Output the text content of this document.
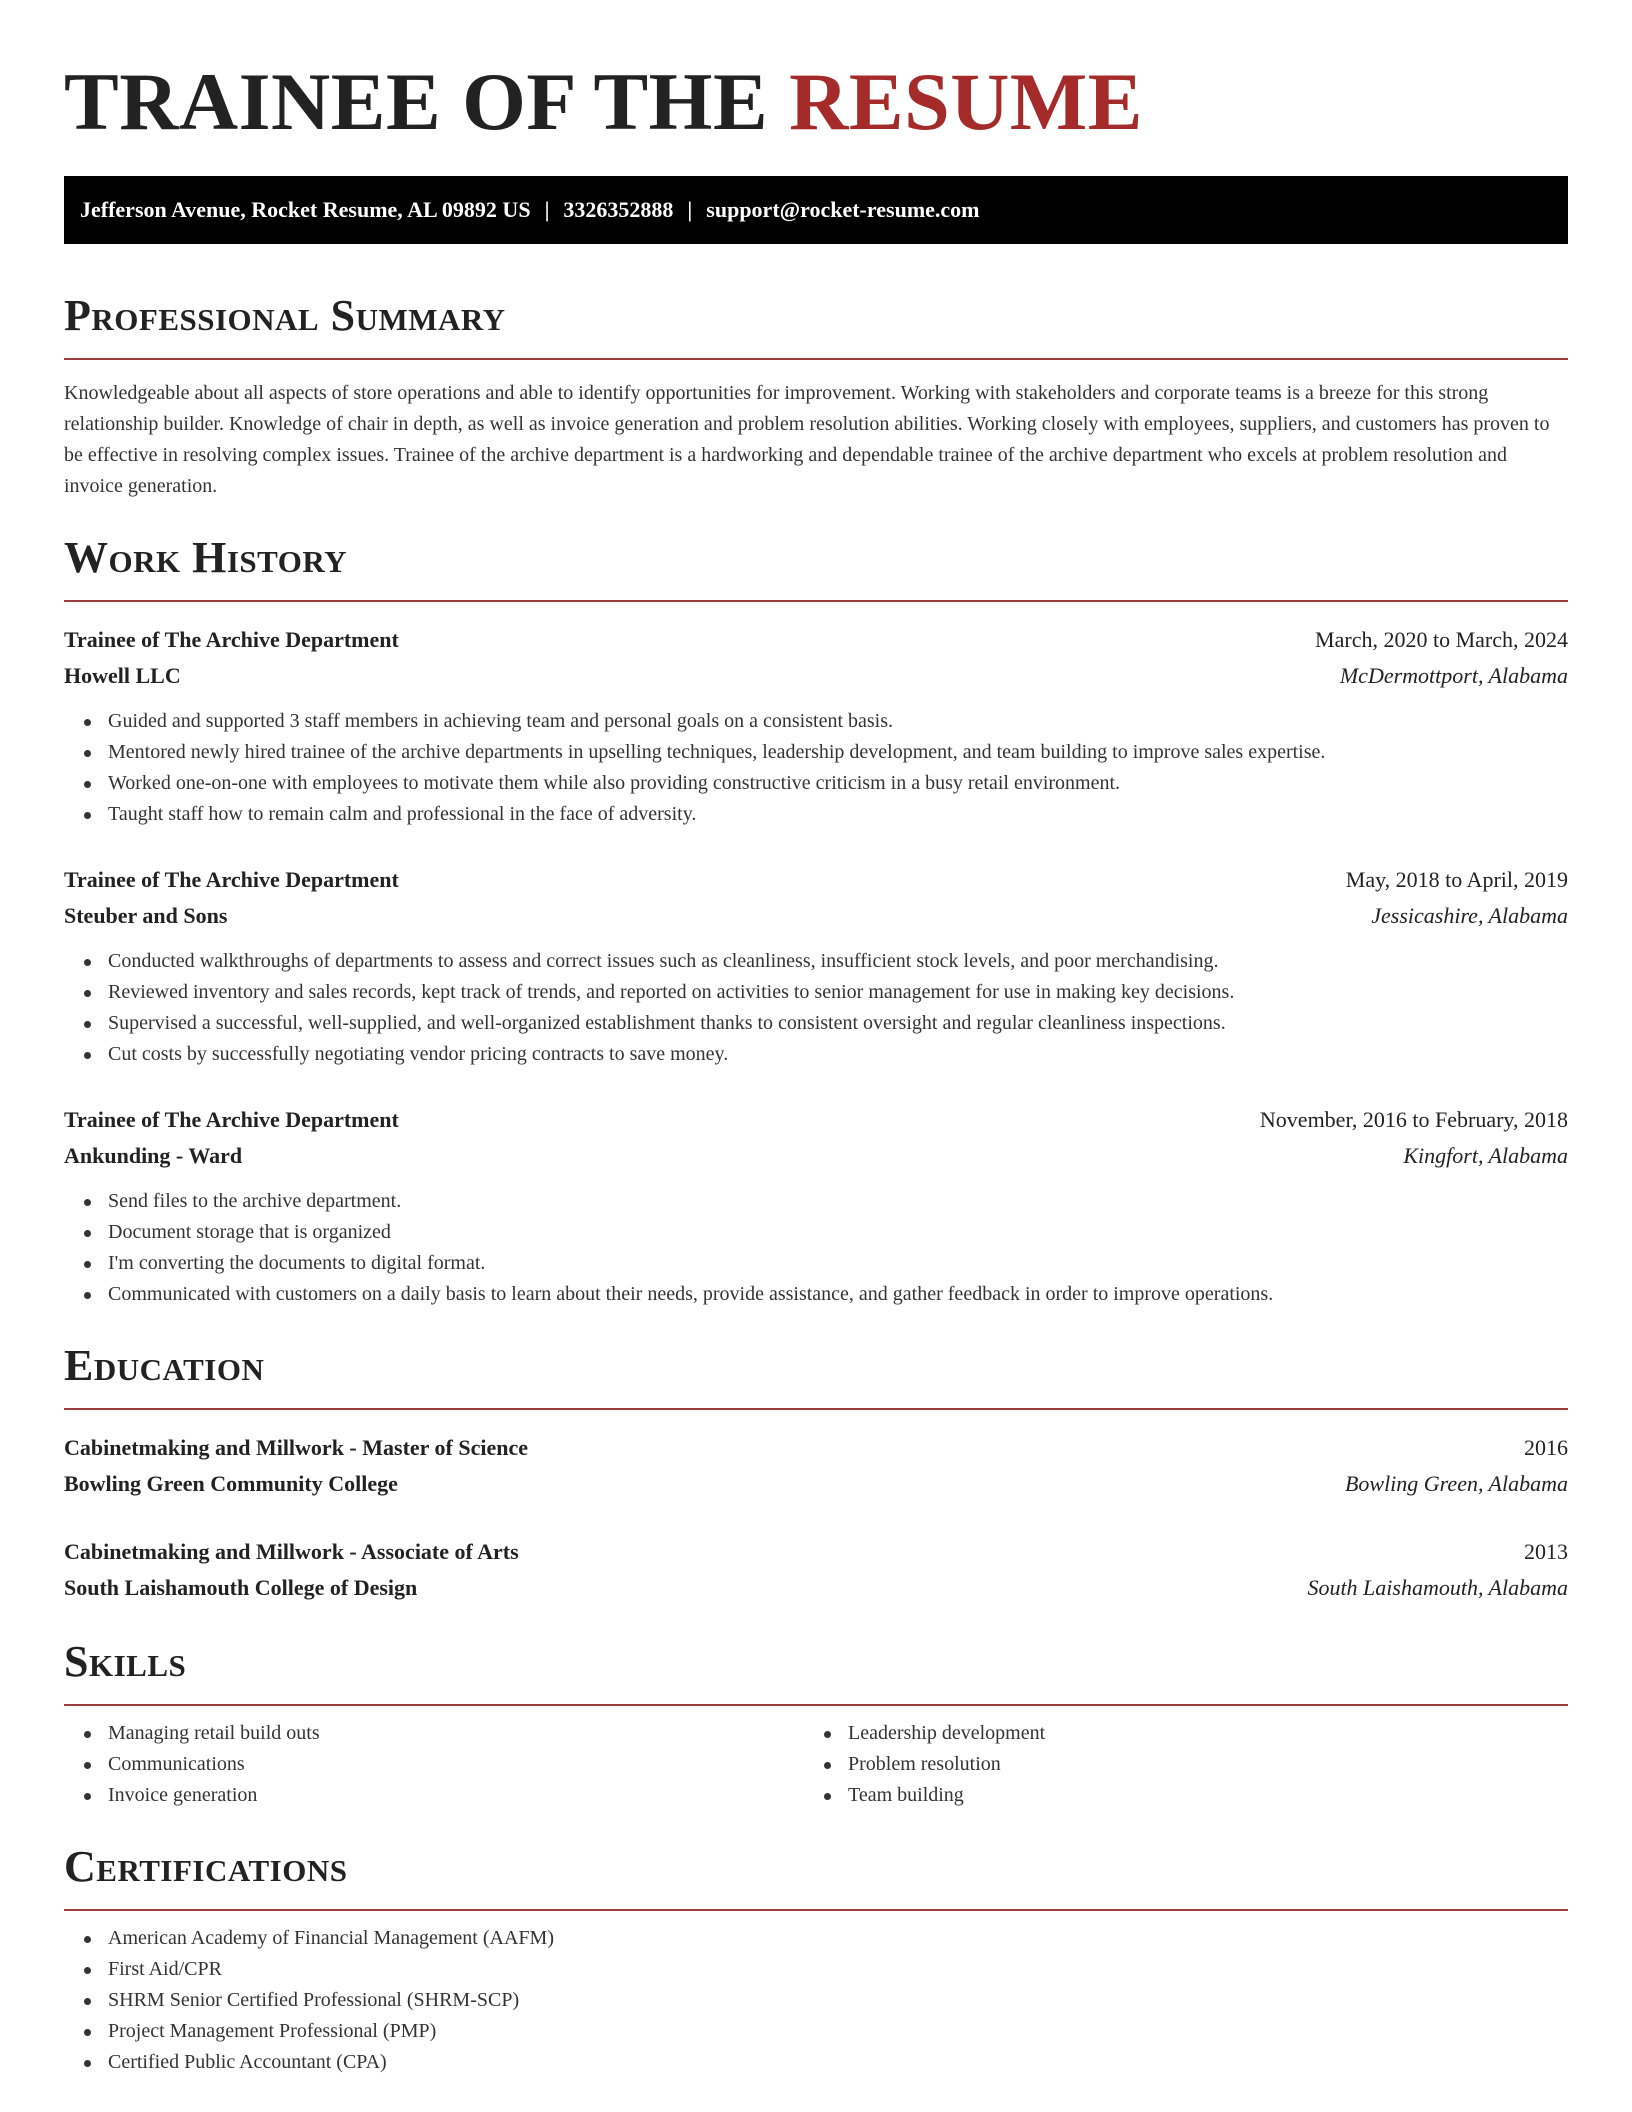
TRAINEE OF THE RESUME
Jefferson Avenue, Rocket Resume, AL 09892 US | 3326352888 | support@rocket-resume.com
Professional Summary

Knowledgeable about all aspects of store operations and able to identify opportunities for improvement. Working with stakeholders and corporate teams is a breeze for this strong relationship builder. Knowledge of chair in depth, as well as invoice generation and problem resolution abilities. Working closely with employees, suppliers, and customers has proven to be effective in resolving complex issues. Trainee of the archive department is a hardworking and dependable trainee of the archive department who excels at problem resolution and invoice generation.

Work History
Trainee of The Archive Department	March, 2020 to March, 2024
Howell LLC	McDermottport, Alabama
Guided and supported 3 staff members in achieving team and personal goals on a consistent basis.
Mentored newly hired trainee of the archive departments in upselling techniques, leadership development, and team building to improve sales expertise.
Worked one-on-one with employees to motivate them while also providing constructive criticism in a busy retail environment.
Taught staff how to remain calm and professional in the face of adversity.
Trainee of The Archive Department	May, 2018 to April, 2019
Steuber and Sons	Jessicashire, Alabama
Conducted walkthroughs of departments to assess and correct issues such as cleanliness, insufficient stock levels, and poor merchandising.
Reviewed inventory and sales records, kept track of trends, and reported on activities to senior management for use in making key decisions.
Supervised a successful, well-supplied, and well-organized establishment thanks to consistent oversight and regular cleanliness inspections.
Cut costs by successfully negotiating vendor pricing contracts to save money.
Trainee of The Archive Department	November, 2016 to February, 2018
Ankunding - Ward	Kingfort, Alabama
Send files to the archive department.
Document storage that is organized
I'm converting the documents to digital format.
Communicated with customers on a daily basis to learn about their needs, provide assistance, and gather feedback in order to improve operations.
Education
Cabinetmaking and Millwork - Master of Science	2016
Bowling Green Community College	Bowling Green, Alabama
Cabinetmaking and Millwork - Associate of Arts	2013
South Laishamouth College of Design	South Laishamouth, Alabama
Skills
Managing retail build outs
Communications
Invoice generation
Leadership development
Problem resolution
Team building
Certifications
American Academy of Financial Management (AAFM)
First Aid/CPR
SHRM Senior Certified Professional (SHRM-SCP)
Project Management Professional (PMP)
Certified Public Accountant (CPA)
